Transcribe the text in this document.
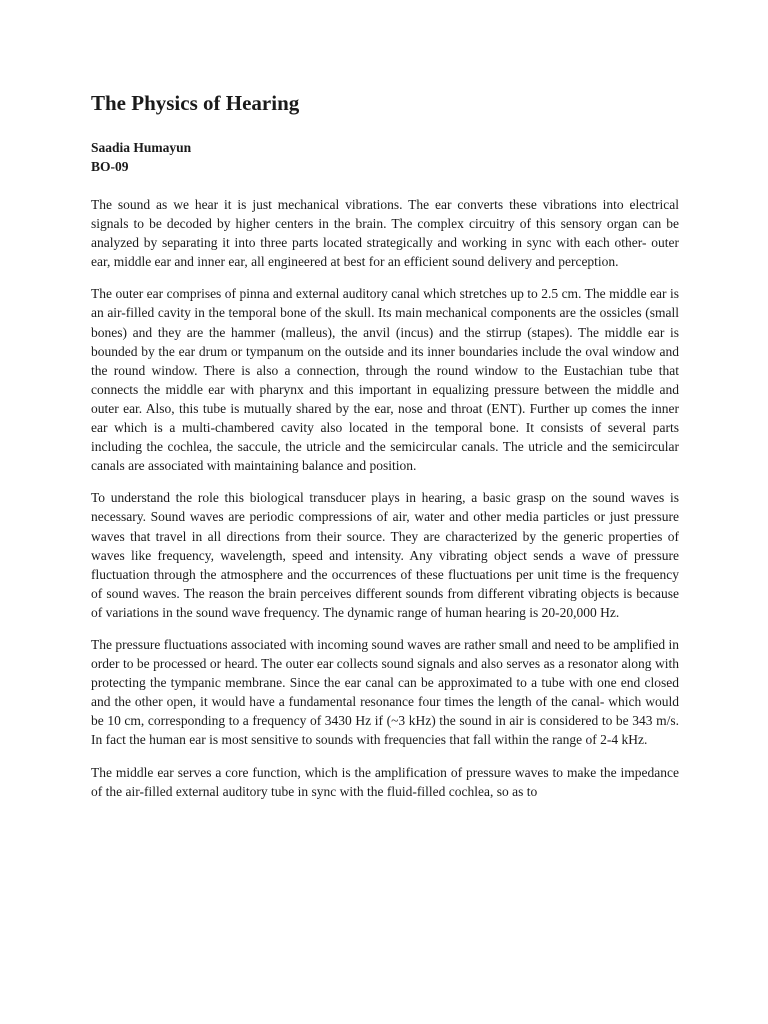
The Physics of Hearing

Saadia Humayun

BO-09

The sound as we hear it is just mechanical vibrations. The ear converts these vibrations into electrical signals to be decoded by higher centers in the brain. The complex circuitry of this sensory organ can be analyzed by separating it into three parts located strategically and working in sync with each other- outer ear, middle ear and inner ear, all engineered at best for an efficient sound delivery and perception.

The outer ear comprises of pinna and external auditory canal which stretches up to 2.5 cm. The middle ear is an air-filled cavity in the temporal bone of the skull. Its main mechanical components are the ossicles (small bones) and they are the hammer (malleus), the anvil (incus) and the stirrup (stapes). The middle ear is bounded by the ear drum or tympanum on the outside and its inner boundaries include the oval window and the round window. There is also a connection, through the round window to the Eustachian tube that connects the middle ear with pharynx and this important in equalizing pressure between the middle and outer ear. Also, this tube is mutually shared by the ear, nose and throat (ENT). Further up comes the inner ear which is a multi-chambered cavity also located in the temporal bone. It consists of several parts including the cochlea, the saccule, the utricle and the semicircular canals. The utricle and the semicircular canals are associated with maintaining balance and position.

To understand the role this biological transducer plays in hearing, a basic grasp on the sound waves is necessary. Sound waves are periodic compressions of air, water and other media particles or just pressure waves that travel in all directions from their source. They are characterized by the generic properties of waves like frequency, wavelength, speed and intensity. Any vibrating object sends a wave of pressure fluctuation through the atmosphere and the occurrences of these fluctuations per unit time is the frequency of sound waves. The reason the brain perceives different sounds from different vibrating objects is because of variations in the sound wave frequency. The dynamic range of human hearing is 20-20,000 Hz.

The pressure fluctuations associated with incoming sound waves are rather small and need to be amplified in order to be processed or heard. The outer ear collects sound signals and also serves as a resonator along with protecting the tympanic membrane. Since the ear canal can be approximated to a tube with one end closed and the other open, it would have a fundamental resonance four times the length of the canal- which would be 10 cm, corresponding to a frequency of 3430 Hz if (~3 kHz) the sound in air is considered to be 343 m/s. In fact the human ear is most sensitive to sounds with frequencies that fall within the range of 2-4 kHz.

The middle ear serves a core function, which is the amplification of pressure waves to make the impedance of the air-filled external auditory tube in sync with the fluid-filled cochlea, so as to
